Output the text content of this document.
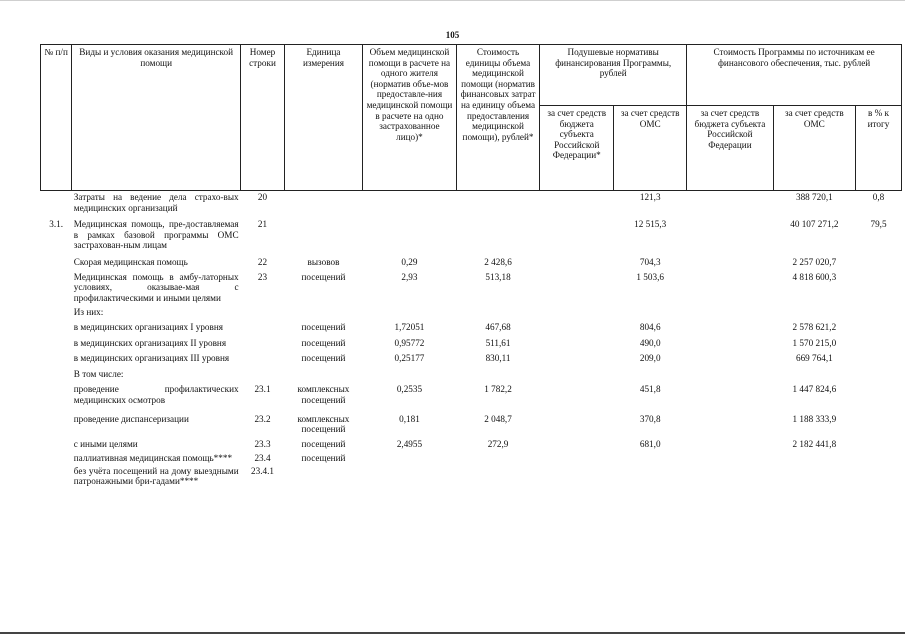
105
№ п/п	Виды и условия оказания медицинской помощи	Номер строки	Единица измерения	Объем медицинской помощи в расчете на одного жителя (норматив объе-мов предоставле-ния медицинской помощи в расчете на одно застрахованное лицо)*	Стоимость единицы объема медицинской помощи (норматив финансовых затрат на единицу объема предоставления медицинской помощи), рублей*	Подушевые нормативы финансирования Программы, рублей		Стоимость Программы по источникам ее финансового обеспечения, тыс. рублей		
						за счет средств бюджета субъекта Российской Федерации*	за счет средств ОМС	за счет средств бюджета субъекта Российской Федерации	за счет средств ОМС	в % к итогу
	Затраты на ведение дела страхо-вых медицинских организаций	20					121,3		388 720,1	0,8
3.1.	Медицинская помощь, пре-доставляемая в рамках базовой программы ОМС застрахован-ным лицам	21					12 515,3		40 107 271,2	79,5
	Скорая медицинская помощь	22	вызовов	0,29	2 428,6		704,3		2 257 020,7	
	Медицинская помощь в амбу-латорных условиях, оказывае-мая с профилактическими и иными целями	23	посещений	2,93	513,18		1 503,6		4 818 600,3	
	Из них:									
	в медицинских организациях I уровня		посещений	1,72051	467,68		804,6		2 578 621,2	
	в медицинских организациях II уровня		посещений	0,95772	511,61		490,0		1 570 215,0	
	в медицинских организациях III уровня		посещений	0,25177	830,11		209,0		669 764,1	
	В том числе:									
	проведение профилактических медицинских осмотров	23.1	комплексных посещений	0,2535	1 782,2		451,8		1 447 824,6	
	проведение диспансеризации	23.2	комплексных посещений	0,181	2 048,7		370,8		1 188 333,9	
	с иными целями	23.3	посещений	2,4955	272,9		681,0		2 182 441,8	
	паллиативная медицинская помощь****	23.4	посещений							
	без учёта посещений на дому выездными патронажными бри-гадами****	23.4.1								
